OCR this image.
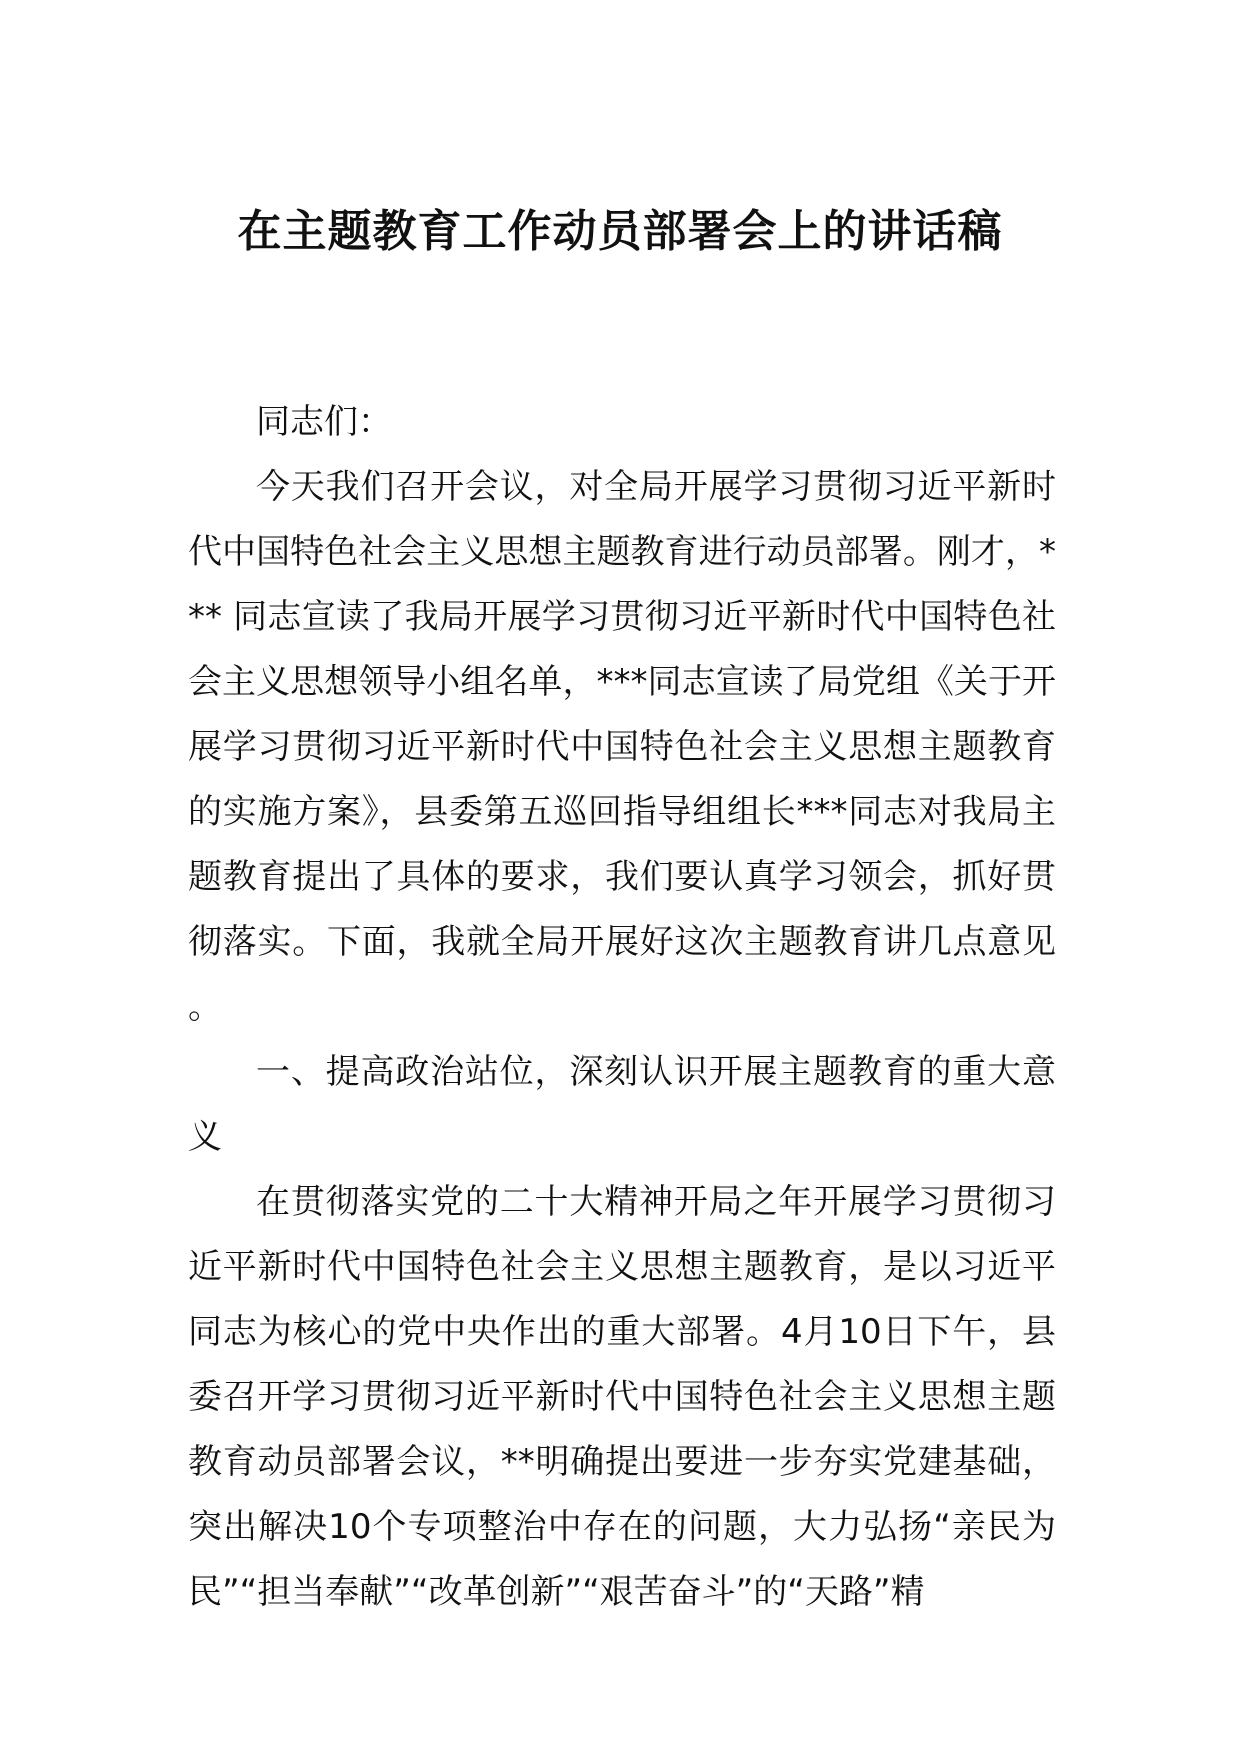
在主题教育工作动员部署会上的讲话稿

同志们：

今天我们召开会议，对全局开展学习贯彻习近平新时代中国特色社会主义思想主题教育进行动员部署。刚才，*** 同志宣读了我局开展学习贯彻习近平新时代中国特色社会主义思想领导小组名单，***同志宣读了局党组《关于开展学习贯彻习近平新时代中国特色社会主义思想主题教育的实施方案》，县委第五巡回指导组组长***同志对我局主题教育提出了具体的要求，我们要认真学习领会，抓好贯彻落实。下面，我就全局开展好这次主题教育讲几点意见。

一、提高政治站位，深刻认识开展主题教育的重大意义

在贯彻落实党的二十大精神开局之年开展学习贯彻习近平新时代中国特色社会主义思想主题教育，是以习近平同志为核心的党中央作出的重大部署。4月10日下午，县委召开学习贯彻习近平新时代中国特色社会主义思想主题教育动员部署会议，**明确提出要进一步夯实党建基础，突出解决10个专项整治中存在的问题，大力弘扬“亲民为民”“担当奉献”“改革创新”“艰苦奋斗”的“天路”精
